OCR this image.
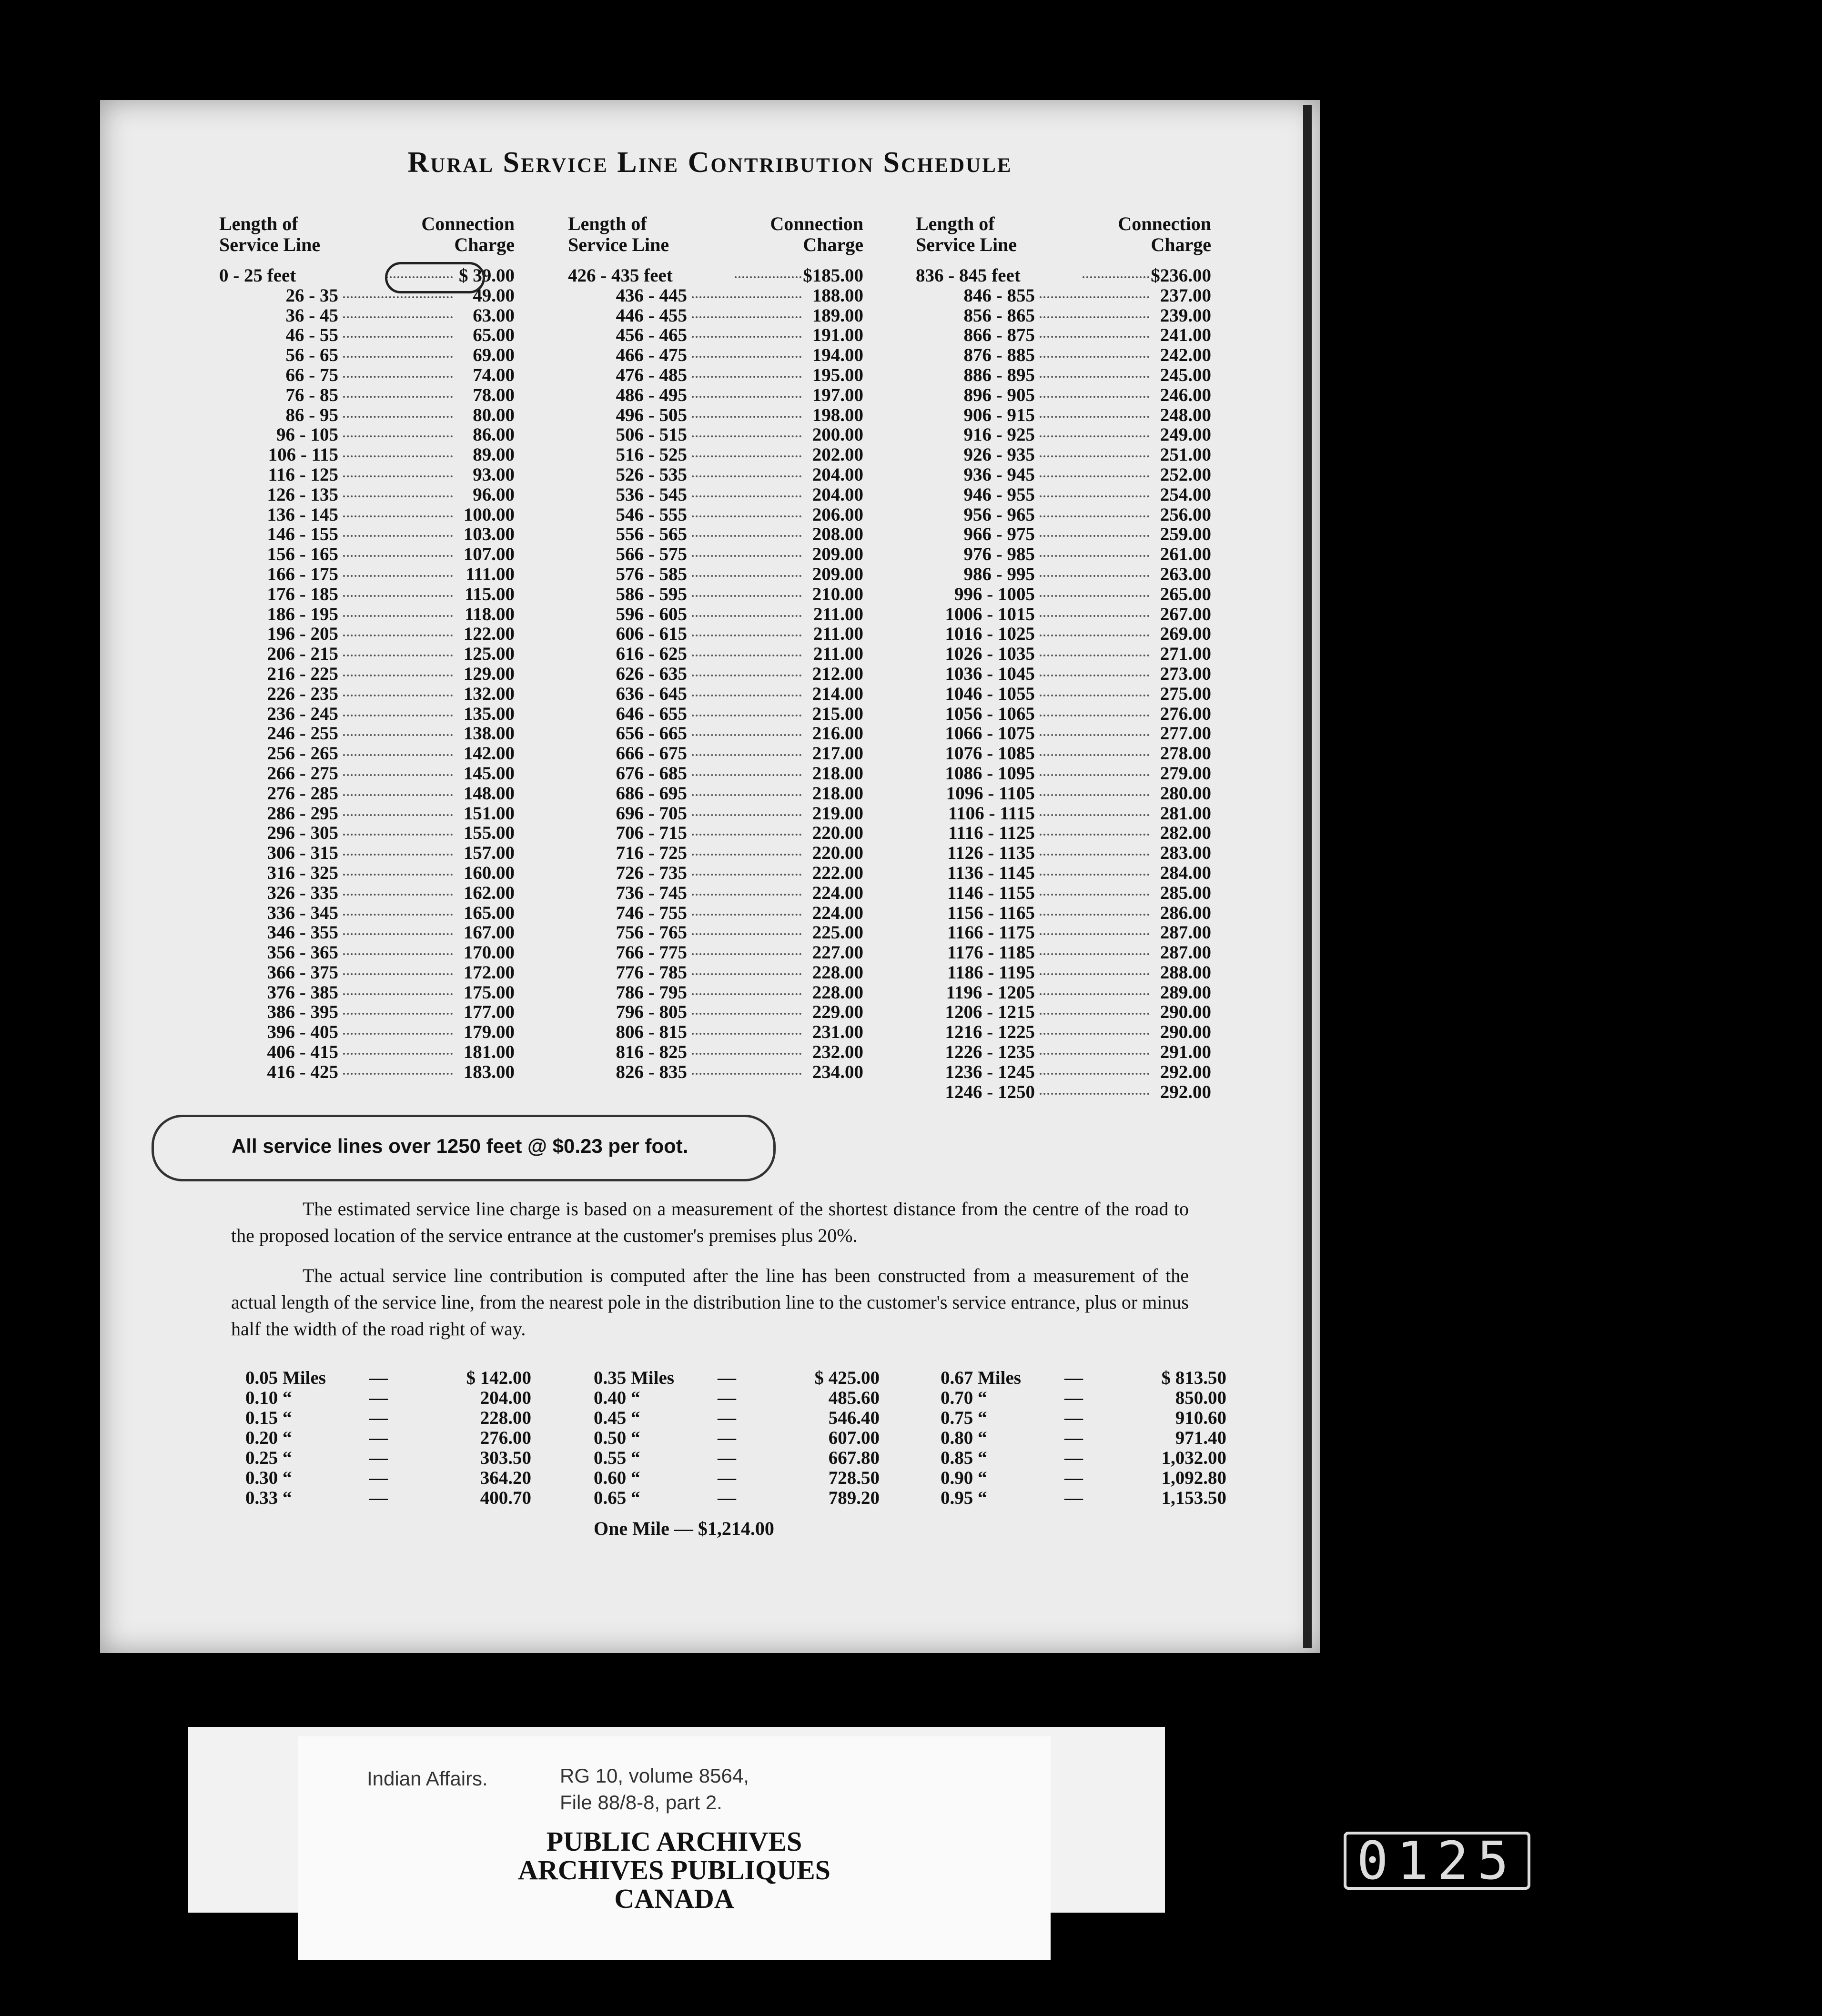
Rural Service Line Contribution Schedule
Length of
Service Line
Connection
Charge
0 - 25 feet	$ 39.00
26 - 35	49.00
36 - 45	63.00
46 - 55	65.00
56 - 65	69.00
66 - 75	74.00
76 - 85	78.00
86 - 95	80.00
96 - 105	86.00
106 - 115	89.00
116 - 125	93.00
126 - 135	96.00
136 - 145	100.00
146 - 155	103.00
156 - 165	107.00
166 - 175	111.00
176 - 185	115.00
186 - 195	118.00
196 - 205	122.00
206 - 215	125.00
216 - 225	129.00
226 - 235	132.00
236 - 245	135.00
246 - 255	138.00
256 - 265	142.00
266 - 275	145.00
276 - 285	148.00
286 - 295	151.00
296 - 305	155.00
306 - 315	157.00
316 - 325	160.00
326 - 335	162.00
336 - 345	165.00
346 - 355	167.00
356 - 365	170.00
366 - 375	172.00
376 - 385	175.00
386 - 395	177.00
396 - 405	179.00
406 - 415	181.00
416 - 425	183.00
Length of
Service Line
Connection
Charge
426 - 435 feet	$185.00
436 - 445	188.00
446 - 455	189.00
456 - 465	191.00
466 - 475	194.00
476 - 485	195.00
486 - 495	197.00
496 - 505	198.00
506 - 515	200.00
516 - 525	202.00
526 - 535	204.00
536 - 545	204.00
546 - 555	206.00
556 - 565	208.00
566 - 575	209.00
576 - 585	209.00
586 - 595	210.00
596 - 605	211.00
606 - 615	211.00
616 - 625	211.00
626 - 635	212.00
636 - 645	214.00
646 - 655	215.00
656 - 665	216.00
666 - 675	217.00
676 - 685	218.00
686 - 695	218.00
696 - 705	219.00
706 - 715	220.00
716 - 725	220.00
726 - 735	222.00
736 - 745	224.00
746 - 755	224.00
756 - 765	225.00
766 - 775	227.00
776 - 785	228.00
786 - 795	228.00
796 - 805	229.00
806 - 815	231.00
816 - 825	232.00
826 - 835	234.00
Length of
Service Line
Connection
Charge
836 - 845 feet	$236.00
846 - 855	237.00
856 - 865	239.00
866 - 875	241.00
876 - 885	242.00
886 - 895	245.00
896 - 905	246.00
906 - 915	248.00
916 - 925	249.00
926 - 935	251.00
936 - 945	252.00
946 - 955	254.00
956 - 965	256.00
966 - 975	259.00
976 - 985	261.00
986 - 995	263.00
996 - 1005	265.00
1006 - 1015	267.00
1016 - 1025	269.00
1026 - 1035	271.00
1036 - 1045	273.00
1046 - 1055	275.00
1056 - 1065	276.00
1066 - 1075	277.00
1076 - 1085	278.00
1086 - 1095	279.00
1096 - 1105	280.00
1106 - 1115	281.00
1116 - 1125	282.00
1126 - 1135	283.00
1136 - 1145	284.00
1146 - 1155	285.00
1156 - 1165	286.00
1166 - 1175	287.00
1176 - 1185	287.00
1186 - 1195	288.00
1196 - 1205	289.00
1206 - 1215	290.00
1216 - 1225	290.00
1226 - 1235	291.00
1236 - 1245	292.00
1246 - 1250	292.00
All service lines over 1250 feet @ $0.23 per foot.
The estimated service line charge is based on a measurement of the shortest distance from the centre of the road to the proposed location of the service entrance at the customer's premises plus 20%.
The actual service line contribution is computed after the line has been constructed from a measurement of the actual length of the service line, from the nearest pole in the distribution line to the customer's service entrance, plus or minus half the width of the road right of way.
0.05 Miles	—	$ 142.00
0.10 “	—	204.00
0.15 “	—	228.00
0.20 “	—	276.00
0.25 “	—	303.50
0.30 “	—	364.20
0.33 “	—	400.70
0.35 Miles	—	$ 425.00
0.40 “	—	485.60
0.45 “	—	546.40
0.50 “	—	607.00
0.55 “	—	667.80
0.60 “	—	728.50
0.65 “	—	789.20
0.67 Miles	—	$ 813.50
0.70 “	—	850.00
0.75 “	—	910.60
0.80 “	—	971.40
0.85 “	—	1,032.00
0.90 “	—	1,092.80
0.95 “	—	1,153.50
One Mile — $1,214.00
Indian Affairs.	RG 10, volume 8564,
File 88/8-8, part 2.
PUBLIC ARCHIVES
ARCHIVES PUBLIQUES
CANADA
0125
